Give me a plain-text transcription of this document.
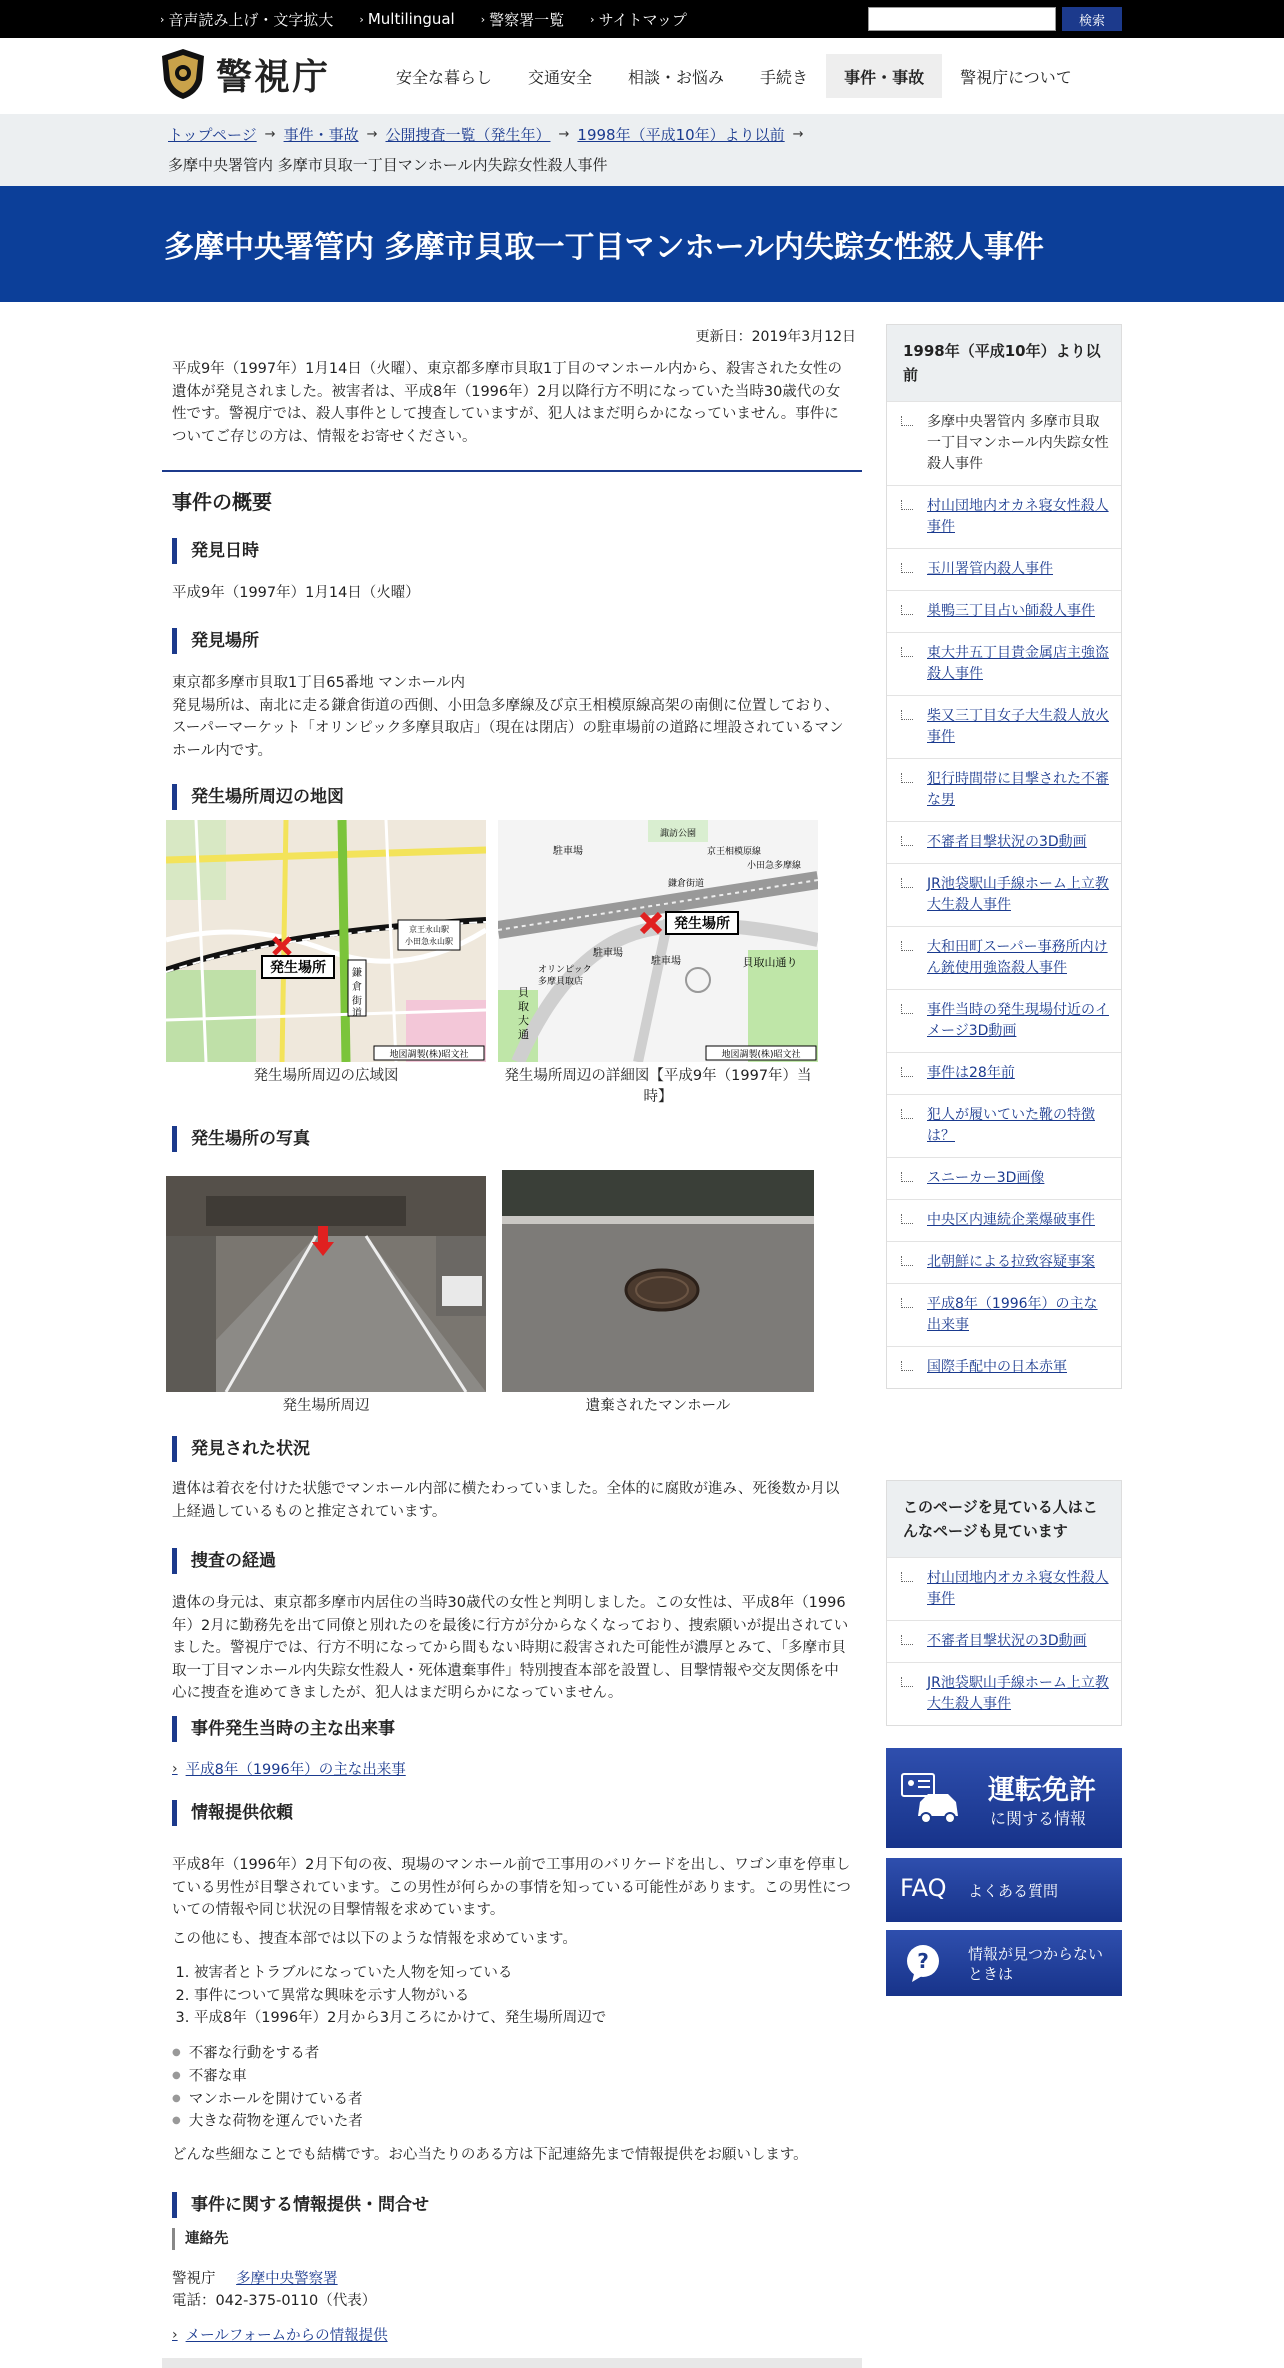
› 音声読み上げ・文字拡大 › Multilingual › 警察署一覧 › サイトマップ	検索
警視庁	安全な暮らし	交通安全	相談・お悩み	手続き	事件・事故	警視庁について
トップページ → 事件・事故 → 公開捜査一覧（発生年） → 1998年（平成10年）より以前 →
多摩中央署管内 多摩市貝取一丁目マンホール内失踪女性殺人事件
多摩中央署管内 多摩市貝取一丁目マンホール内失踪女性殺人事件
更新日：2019年3月12日

平成9年（1997年）1月14日（火曜）、東京都多摩市貝取1丁目のマンホール内から、殺害された女性の遺体が発見されました。被害者は、平成8年（1996年）2月以降行方不明になっていた当時30歳代の女性です。警視庁では、殺人事件として捜査していますが、犯人はまだ明らかになっていません。事件についてご存じの方は、情報をお寄せください。

事件の概要
発見日時

平成9年（1997年）1月14日（火曜）

発見場所

東京都多摩市貝取1丁目65番地 マンホール内
発見場所は、南北に走る鎌倉街道の西側、小田急多摩線及び京王相模原線高架の南側に位置しており、スーパーマーケット「オリンピック多摩貝取店」（現在は閉店）の駐車場前の道路に埋設されているマンホール内です。

発生場所周辺の地図
発生場所
京王永山駅
小田急永山駅
鎌
倉
街
道
地図調製(株)昭文社
発生場所周辺の広域図
諏訪公園
京王相模原線
小田急多摩線
駐車場
鎌倉街道
駐車場
駐車場	貝取山通り
オリンピック
多摩貝取店
貝
取
大
通
発生場所
地図調製(株)昭文社
発生場所周辺の詳細図【平成9年（1997年）当時】
発生場所の写真
発生場所周辺	遺棄されたマンホール
発見された状況

遺体は着衣を付けた状態でマンホール内部に横たわっていました。全体的に腐敗が進み、死後数か月以上経過しているものと推定されています。

捜査の経過

遺体の身元は、東京都多摩市内居住の当時30歳代の女性と判明しました。この女性は、平成8年（1996年）2月に勤務先を出て同僚と別れたのを最後に行方が分からなくなっており、捜索願いが提出されていました。警視庁では、行方不明になってから間もない時期に殺害された可能性が濃厚とみて、「多摩市貝取一丁目マンホール内失踪女性殺人・死体遺棄事件」特別捜査本部を設置し、目撃情報や交友関係を中心に捜査を進めてきましたが、犯人はまだ明らかになっていません。

事件発生当時の主な出来事
› 平成8年（1996年）の主な出来事
情報提供依頼

平成8年（1996年）2月下旬の夜、現場のマンホール前で工事用のバリケードを出し、ワゴン車を停車している男性が目撃されています。この男性が何らかの事情を知っている可能性があります。この男性についての情報や同じ状況の目撃情報を求めています。

この他にも、捜査本部では以下のような情報を求めています。

1. 被害者とトラブルになっていた人物を知っている
2. 事件について異常な興味を示す人物がいる
3. 平成8年（1996年）2月から3月ころにかけて、発生場所周辺で
● 不審な行動をする者
● 不審な車
● マンホールを開けている者
● 大きな荷物を運んでいた者

どんな些細なことでも結構です。お心当たりのある方は下記連絡先まで情報提供をお願いします。

事件に関する情報提供・問合せ
連絡先

警視庁 多摩中央警察署

電話：042-375-0110（代表）

› メールフォームからの情報提供
1998年（平成10年）より以前
多摩中央署管内 多摩市貝取一丁目マンホール内失踪女性殺人事件
村山団地内オカネ寝女性殺人事件
玉川署管内殺人事件
巣鴨三丁目占い師殺人事件
東大井五丁目貴金属店主強盗殺人事件
柴又三丁目女子大生殺人放火事件
犯行時間帯に目撃された不審な男
不審者目撃状況の3D動画
JR池袋駅山手線ホーム上立教大生殺人事件
大和田町スーパー事務所内けん銃使用強盗殺人事件
事件当時の発生現場付近のイメージ3D動画
事件は28年前
犯人が履いていた靴の特徴は？
スニーカー3D画像
中央区内連続企業爆破事件
北朝鮮による拉致容疑事案
平成8年（1996年）の主な出来事
国際手配中の日本赤軍
このページを見ている人はこんなページも見ています
村山団地内オカネ寝女性殺人事件
不審者目撃状況の3D動画
JR池袋駅山手線ホーム上立教大生殺人事件
運転免許
に関する情報
FAQ よくある質問
?	情報が見つからない
ときは
